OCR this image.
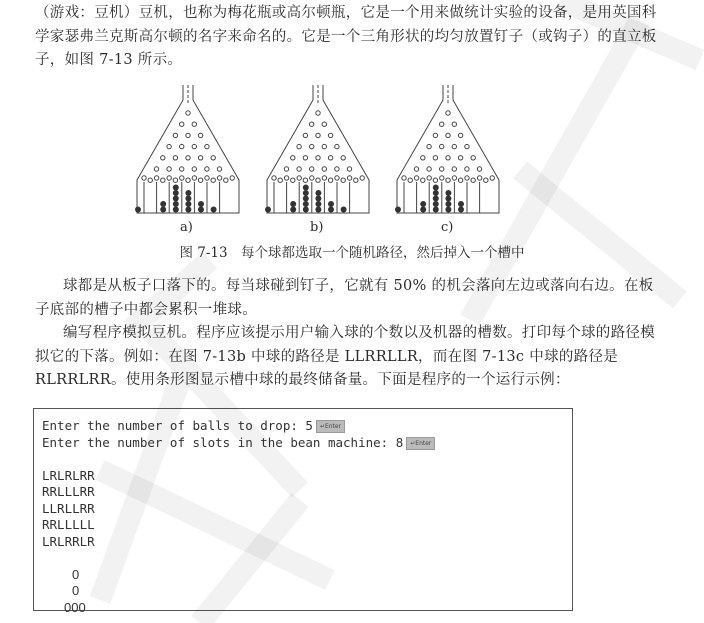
（游戏：豆机）豆机，也称为梅花瓶或高尔顿瓶，它是一个用来做统计实验的设备，是用英国科学家瑟弗兰克斯高尔顿的名字来命名的。它是一个三角形状的均匀放置钉子（或钩子）的直立板子，如图 7-13 所示。
a)	b)	c)
图 7-13　每个球都选取一个随机路径，然后掉入一个槽中
球都是从板子口落下的。每当球碰到钉子，它就有 50% 的机会落向左边或落向右边。在板子底部的槽子中都会累积一堆球。
编写程序模拟豆机。程序应该提示用户输入球的个数以及机器的槽数。打印每个球的路径模拟它的下落。例如：在图 7-13b 中球的路径是 LLRRLLR，而在图 7-13c 中球的路径是 RLRRLRR。使用条形图显示槽中球的最终储备量。下面是程序的一个运行示例：
Enter the number of balls to drop: 5 ↵Enter
Enter the number of slots in the bean machine: 8 ↵Enter
LRLRLRR
RRLLLRR
LLRLLRR
RRLLLLL
LRLRRLR
0
0
000
